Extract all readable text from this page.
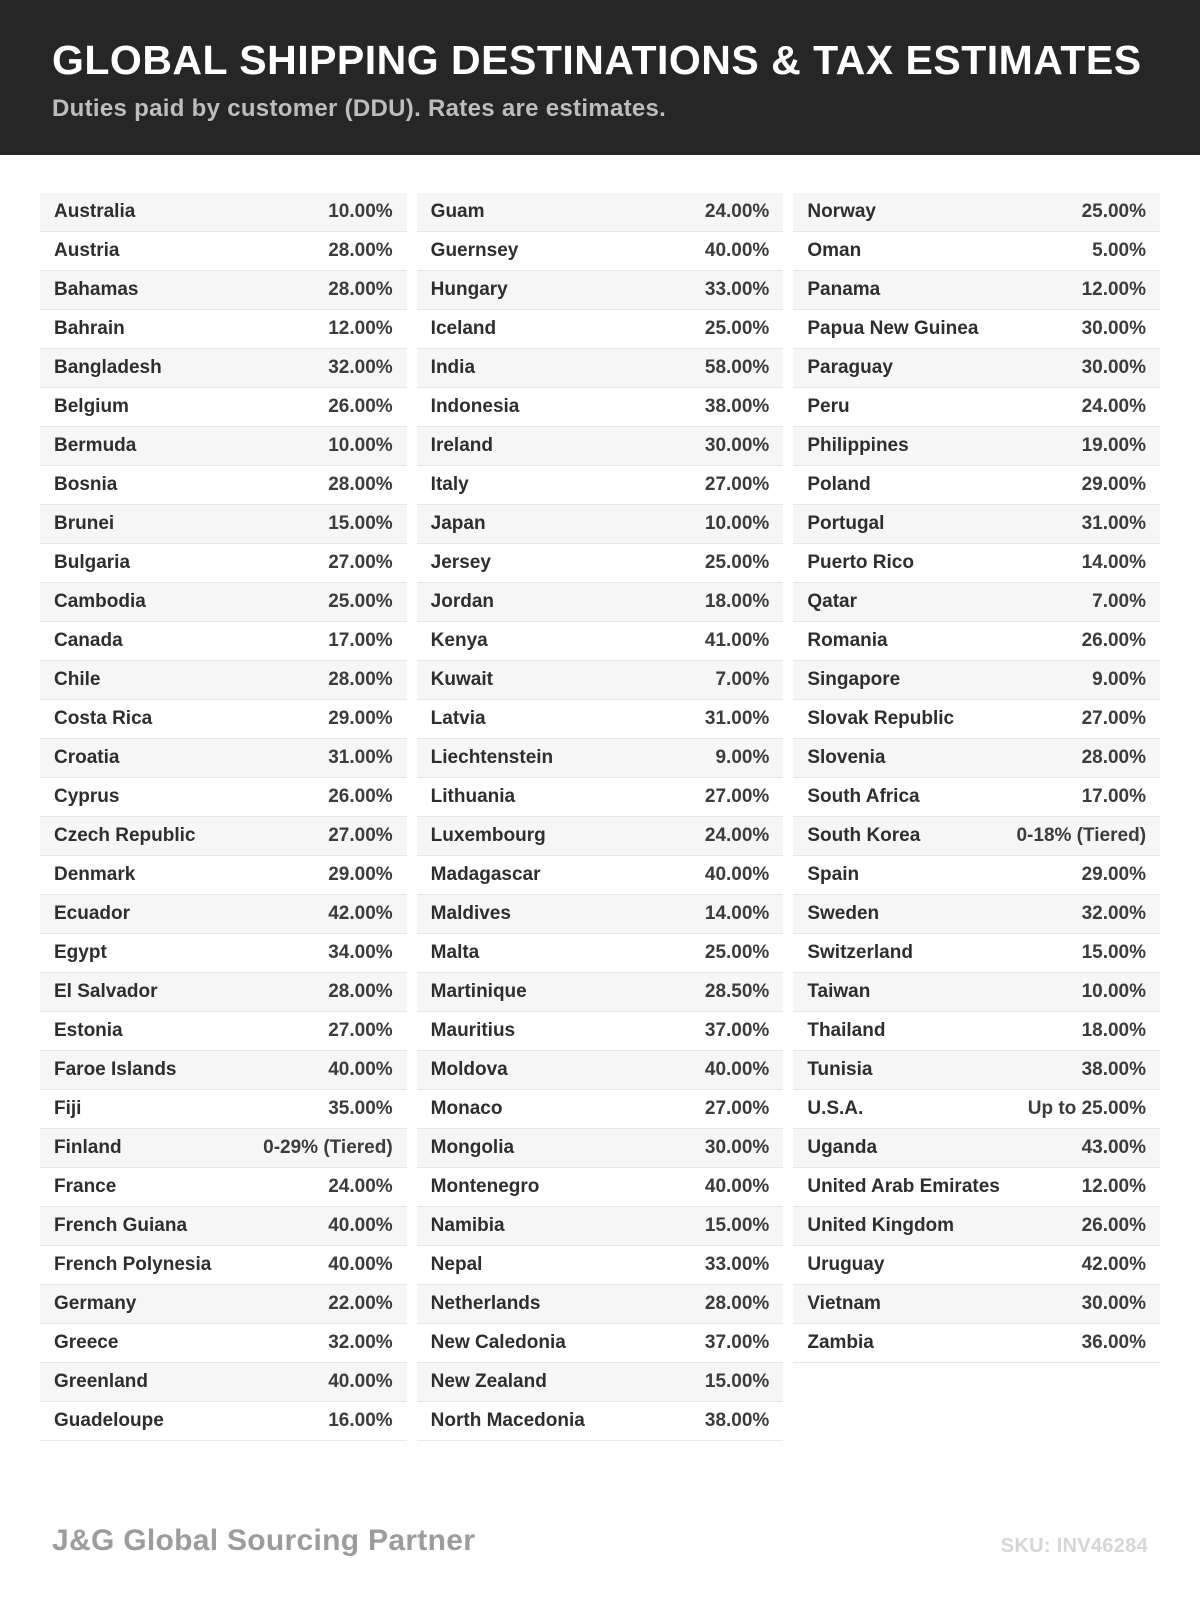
GLOBAL SHIPPING DESTINATIONS & TAX ESTIMATES
Duties paid by customer (DDU). Rates are estimates.
Australia	10.00%
Austria	28.00%
Bahamas	28.00%
Bahrain	12.00%
Bangladesh	32.00%
Belgium	26.00%
Bermuda	10.00%
Bosnia	28.00%
Brunei	15.00%
Bulgaria	27.00%
Cambodia	25.00%
Canada	17.00%
Chile	28.00%
Costa Rica	29.00%
Croatia	31.00%
Cyprus	26.00%
Czech Republic	27.00%
Denmark	29.00%
Ecuador	42.00%
Egypt	34.00%
El Salvador	28.00%
Estonia	27.00%
Faroe Islands	40.00%
Fiji	35.00%
Finland	0-29% (Tiered)
France	24.00%
French Guiana	40.00%
French Polynesia	40.00%
Germany	22.00%
Greece	32.00%
Greenland	40.00%
Guadeloupe	16.00%
Guam	24.00%
Guernsey	40.00%
Hungary	33.00%
Iceland	25.00%
India	58.00%
Indonesia	38.00%
Ireland	30.00%
Italy	27.00%
Japan	10.00%
Jersey	25.00%
Jordan	18.00%
Kenya	41.00%
Kuwait	7.00%
Latvia	31.00%
Liechtenstein	9.00%
Lithuania	27.00%
Luxembourg	24.00%
Madagascar	40.00%
Maldives	14.00%
Malta	25.00%
Martinique	28.50%
Mauritius	37.00%
Moldova	40.00%
Monaco	27.00%
Mongolia	30.00%
Montenegro	40.00%
Namibia	15.00%
Nepal	33.00%
Netherlands	28.00%
New Caledonia	37.00%
New Zealand	15.00%
North Macedonia	38.00%
Norway	25.00%
Oman	5.00%
Panama	12.00%
Papua New Guinea	30.00%
Paraguay	30.00%
Peru	24.00%
Philippines	19.00%
Poland	29.00%
Portugal	31.00%
Puerto Rico	14.00%
Qatar	7.00%
Romania	26.00%
Singapore	9.00%
Slovak Republic	27.00%
Slovenia	28.00%
South Africa	17.00%
South Korea	0-18% (Tiered)
Spain	29.00%
Sweden	32.00%
Switzerland	15.00%
Taiwan	10.00%
Thailand	18.00%
Tunisia	38.00%
U.S.A.	Up to 25.00%
Uganda	43.00%
United Arab Emirates	12.00%
United Kingdom	26.00%
Uruguay	42.00%
Vietnam	30.00%
Zambia	36.00%
J&G Global Sourcing Partner	SKU: INV46284
